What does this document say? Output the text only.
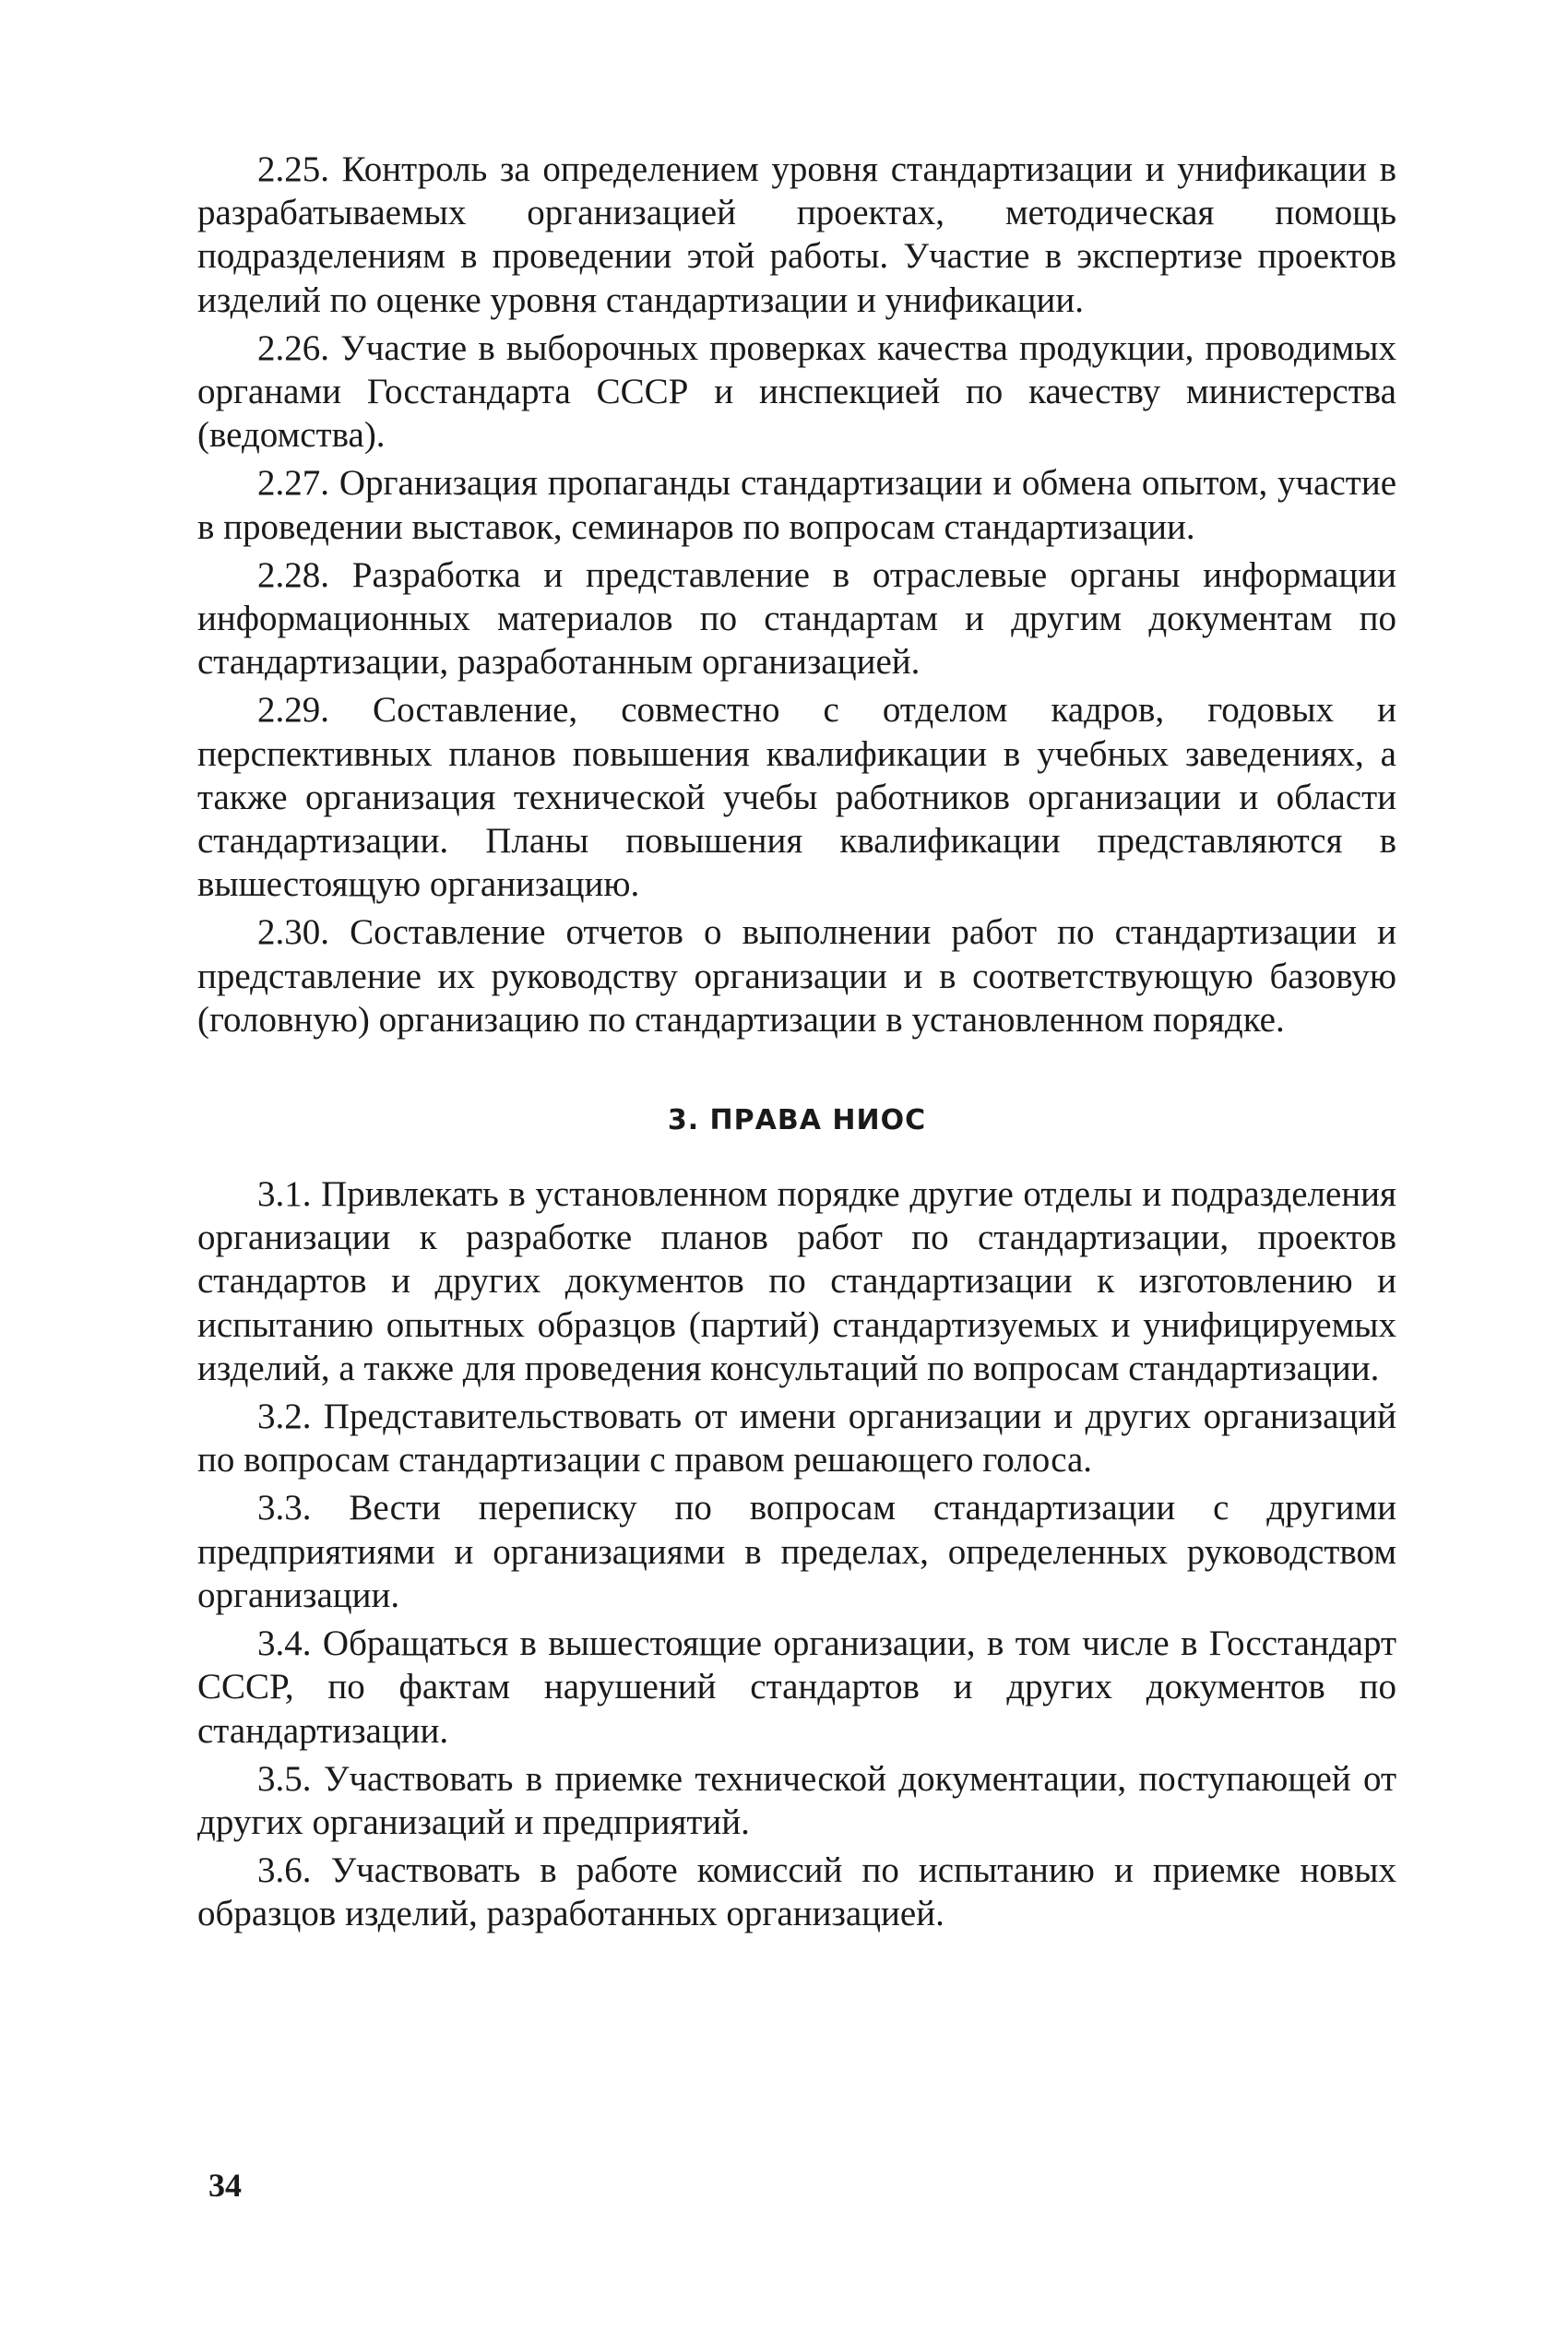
2.25. Контроль за определением уровня стандартизации и унификации в разрабатываемых организацией проектах, методическая помощь подразделениям в проведении этой работы. Участие в экспертизе проектов изделий по оценке уровня стандартизации и унификации.

2.26. Участие в выборочных проверках качества продукции, проводимых органами Госстандарта СССР и инспекцией по качеству министерства (ведомства).

2.27. Организация пропаганды стандартизации и обмена опытом, участие в проведении выставок, семинаров по вопросам стандартизации.

2.28. Разработка и представление в отраслевые органы информации информационных материалов по стандартам и другим документам по стандартизации, разработанным организацией.

2.29. Составление, совместно с отделом кадров, годовых и перспективных планов повышения квалификации в учебных заведениях, а также организация технической учебы работников организации и области стандартизации. Планы повышения квалификации представляются в вышестоящую организацию.

2.30. Составление отчетов о выполнении работ по стандартизации и представление их руководству организации и в соответствующую базовую (головную) организацию по стандартизации в установленном порядке.

3. ПРАВА НИОС

3.1. Привлекать в установленном порядке другие отделы и подразделения организации к разработке планов работ по стандартизации, проектов стандартов и других документов по стандартизации к изготовлению и испытанию опытных образцов (партий) стандартизуемых и унифицируемых изделий, а также для проведения консультаций по вопросам стандартизации.

3.2. Представительствовать от имени организации и других организаций по вопросам стандартизации с правом решающего голоса.

3.3. Вести переписку по вопросам стандартизации с другими предприятиями и организациями в пределах, определенных руководством организации.

3.4. Обращаться в вышестоящие организации, в том числе в Госстандарт СССР, по фактам нарушений стандартов и других документов по стандартизации.

3.5. Участвовать в приемке технической документации, поступающей от других организаций и предприятий.

3.6. Участвовать в работе комиссий по испытанию и приемке новых образцов изделий, разработанных организацией.

34
